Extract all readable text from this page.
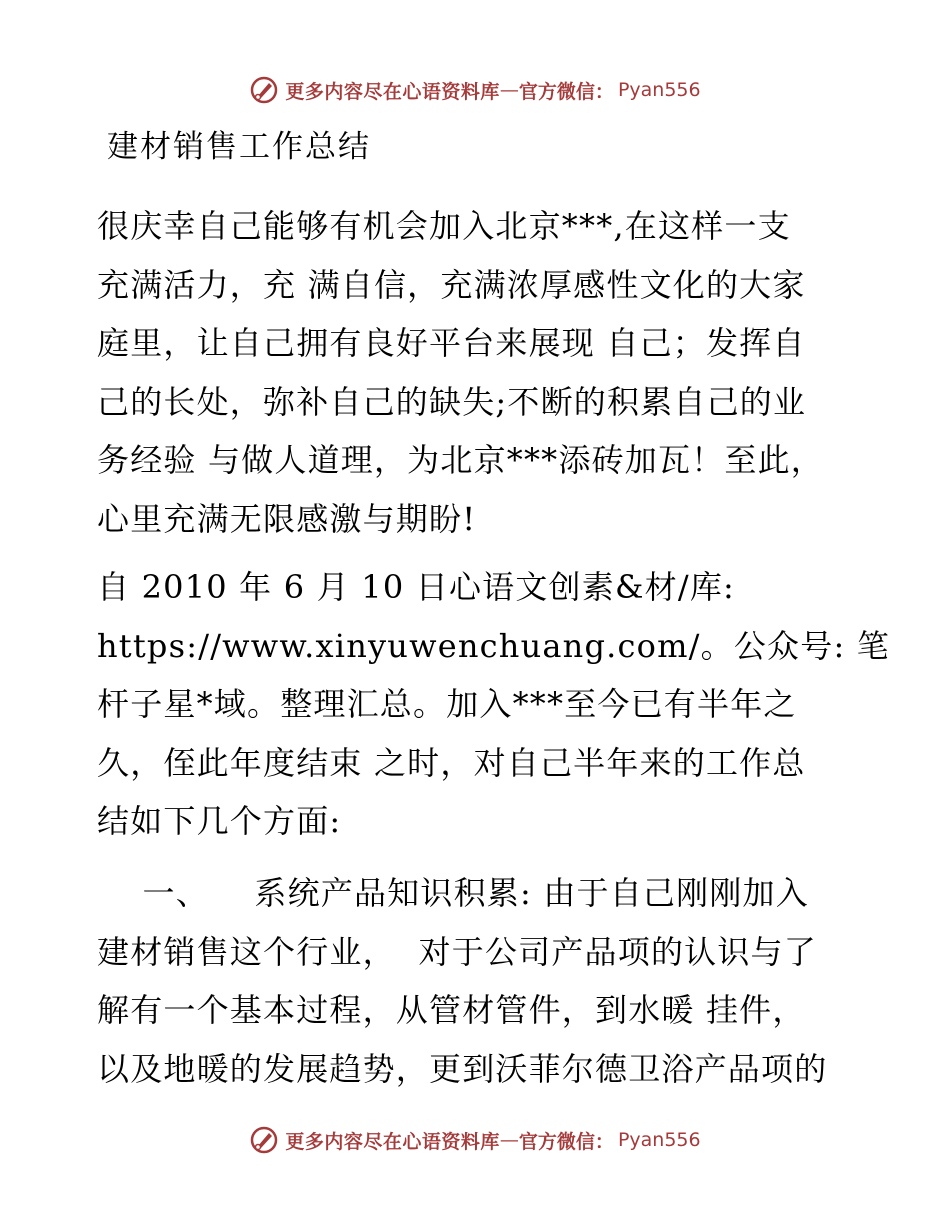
更多内容尽在心语资料库 — 官方微信： Pyan556
建材销售工作总结
很庆幸自己能够有机会加入北京***,在这样一支
充满活力，充 满自信，充满浓厚感性文化的大家
庭里，让自己拥有良好平台来展现 自己；发挥自
己的长处，弥补自己的缺失;不断的积累自己的业
务经验 与做人道理，为北京***添砖加瓦！至此，
心里充满无限感激与期盼!
自 2010 年 6 月 10 日心语文创素&材/库:
https://www.xinyuwenchuang.com/。公众号: 笔
杆子星*域。整理汇总。加入***至今已有半年之
久，侄此年度结束 之时，对自己半年来的工作总
结如下几个方面:
一、    系统产品知识积累: 由于自己刚刚加入
建材销售这个行业，  对于公司产品项的认识与了
解有一个基本过程，从管材管件，到水暖 挂件，
以及地暖的发展趋势，更到沃菲尔德卫浴产品项的
更多内容尽在心语资料库 — 官方微信： Pyan556
